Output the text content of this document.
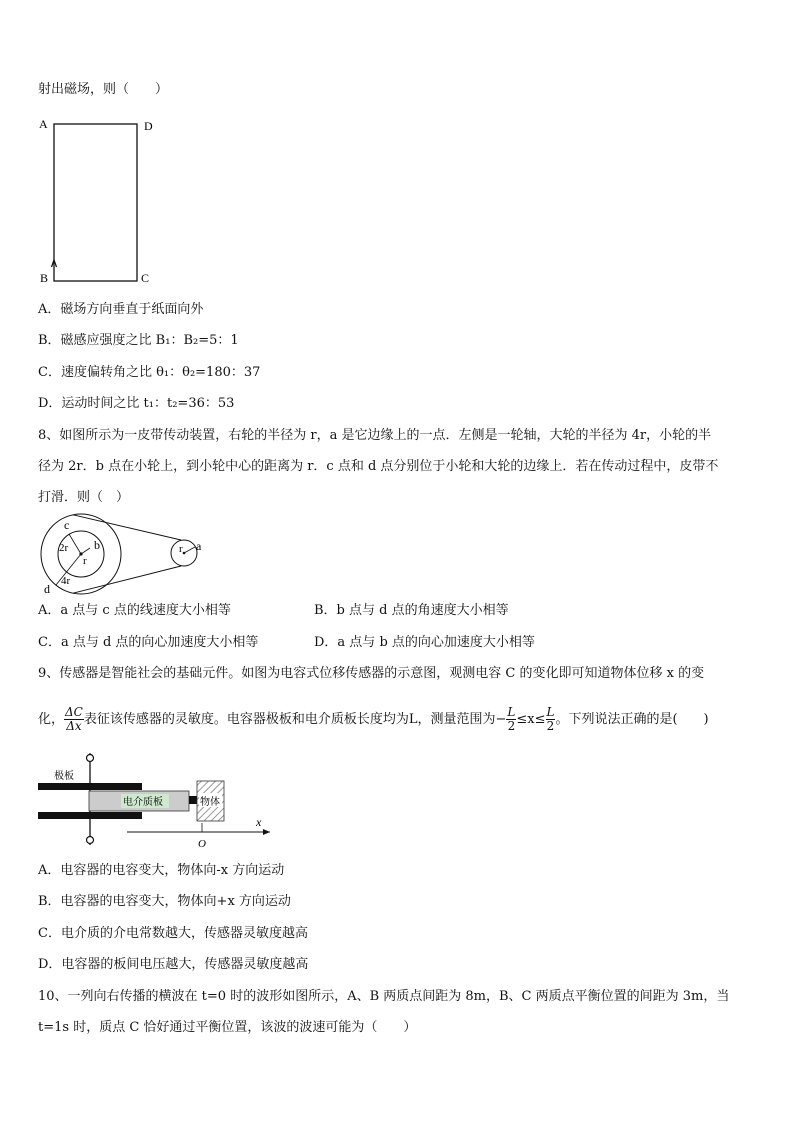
射出磁场，则（　　）
A	D
B	C
A．磁场方向垂直于纸面向外
B．磁感应强度之比 B₁：B₂=5：1
C．速度偏转角之比 θ₁：θ₂=180：37
D．运动时间之比 t₁：t₂=36：53
8、如图所示为一皮带传动装置，右轮的半径为 r，a 是它边缘上的一点．左侧是一轮轴，大轮的半径为 4r，小轮的半
径为 2r．b 点在小轮上，到小轮中心的距离为 r．c 点和 d 点分别位于小轮和大轮的边缘上．若在传动过程中，皮带不
打滑．则（　）
c
b
2r
r
d
4r
r a
A．a 点与 c 点的线速度大小相等	B．b 点与 d 点的角速度大小相等
C．a 点与 d 点的向心加速度大小相等	D．a 点与 b 点的向心加速度大小相等
9、传感器是智能社会的基础元件。如图为电容式位移传感器的示意图，观测电容 C 的变化即可知道物体位移 x 的变
化， $\frac{\Delta C}{\Delta x}$ 表征该传感器的灵敏度。电容器极板和电介质板长度均为L，测量范围为− $\frac{L}{2} \le x\le \frac{L}{2}$ 。下列说法正确的是(　　)
极板
电介质板	物体
O
x
A．电容器的电容变大，物体向-x 方向运动
B．电容器的电容变大，物体向+x 方向运动
C．电介质的介电常数越大，传感器灵敏度越高
D．电容器的板间电压越大，传感器灵敏度越高
10、一列向右传播的横波在 t=0 时的波形如图所示，A、B 两质点间距为 8m，B、C 两质点平衡位置的间距为 3m，当
t=1s 时，质点 C 恰好通过平衡位置，该波的波速可能为（　　）
